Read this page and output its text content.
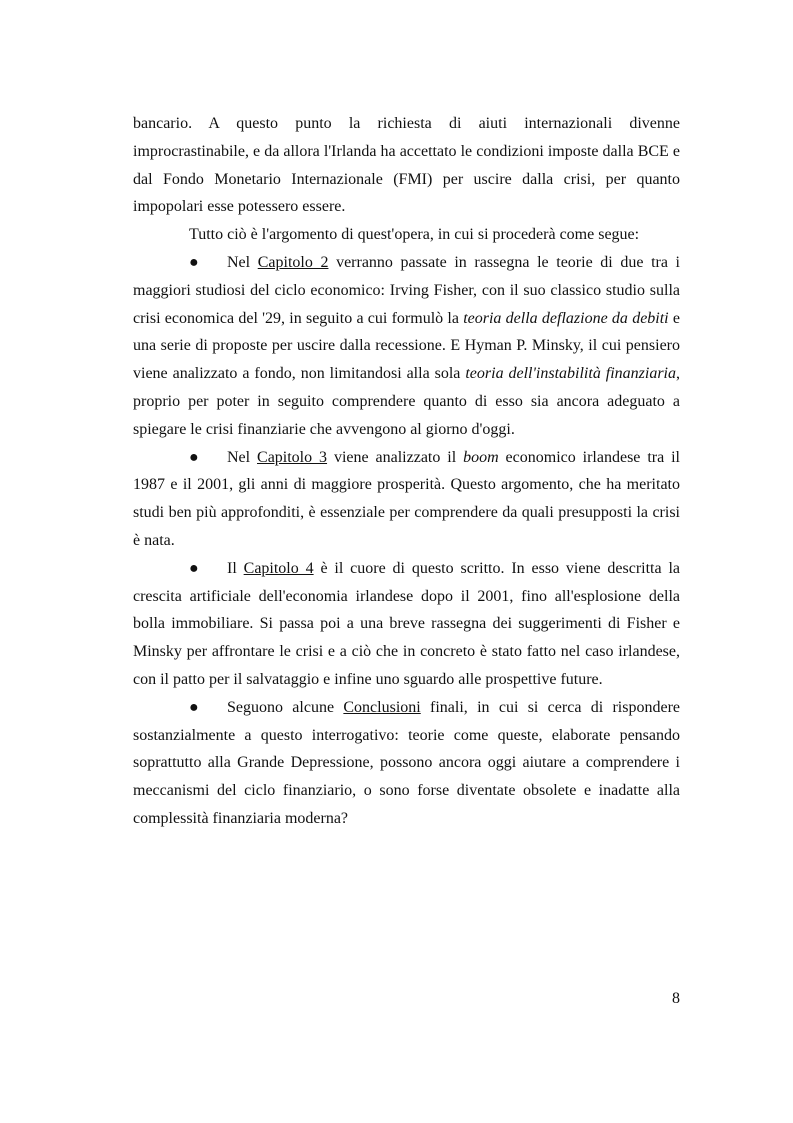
bancario. A questo punto la richiesta di aiuti internazionali divenne improcrastinabile, e da allora l'Irlanda ha accettato le condizioni imposte dalla BCE e dal Fondo Monetario Internazionale (FMI) per uscire dalla crisi, per quanto impopolari esse potessero essere.

Tutto ciò è l'argomento di quest'opera, in cui si procederà come segue:

● Nel Capitolo 2 verranno passate in rassegna le teorie di due tra i maggiori studiosi del ciclo economico: Irving Fisher, con il suo classico studio sulla crisi economica del '29, in seguito a cui formulò la teoria della deflazione da debiti e una serie di proposte per uscire dalla recessione. E Hyman P. Minsky, il cui pensiero viene analizzato a fondo, non limitandosi alla sola teoria dell'instabilità finanziaria, proprio per poter in seguito comprendere quanto di esso sia ancora adeguato a spiegare le crisi finanziarie che avvengono al giorno d'oggi.

● Nel Capitolo 3 viene analizzato il boom economico irlandese tra il 1987 e il 2001, gli anni di maggiore prosperità. Questo argomento, che ha meritato studi ben più approfonditi, è essenziale per comprendere da quali presupposti la crisi è nata.

● Il Capitolo 4 è il cuore di questo scritto. In esso viene descritta la crescita artificiale dell'economia irlandese dopo il 2001, fino all'esplosione della bolla immobiliare. Si passa poi a una breve rassegna dei suggerimenti di Fisher e Minsky per affrontare le crisi e a ciò che in concreto è stato fatto nel caso irlandese, con il patto per il salvataggio e infine uno sguardo alle prospettive future.

● Seguono alcune Conclusioni finali, in cui si cerca di rispondere sostanzialmente a questo interrogativo: teorie come queste, elaborate pensando soprattutto alla Grande Depressione, possono ancora oggi aiutare a comprendere i meccanismi del ciclo finanziario, o sono forse diventate obsolete e inadatte alla complessità finanziaria moderna?

8
